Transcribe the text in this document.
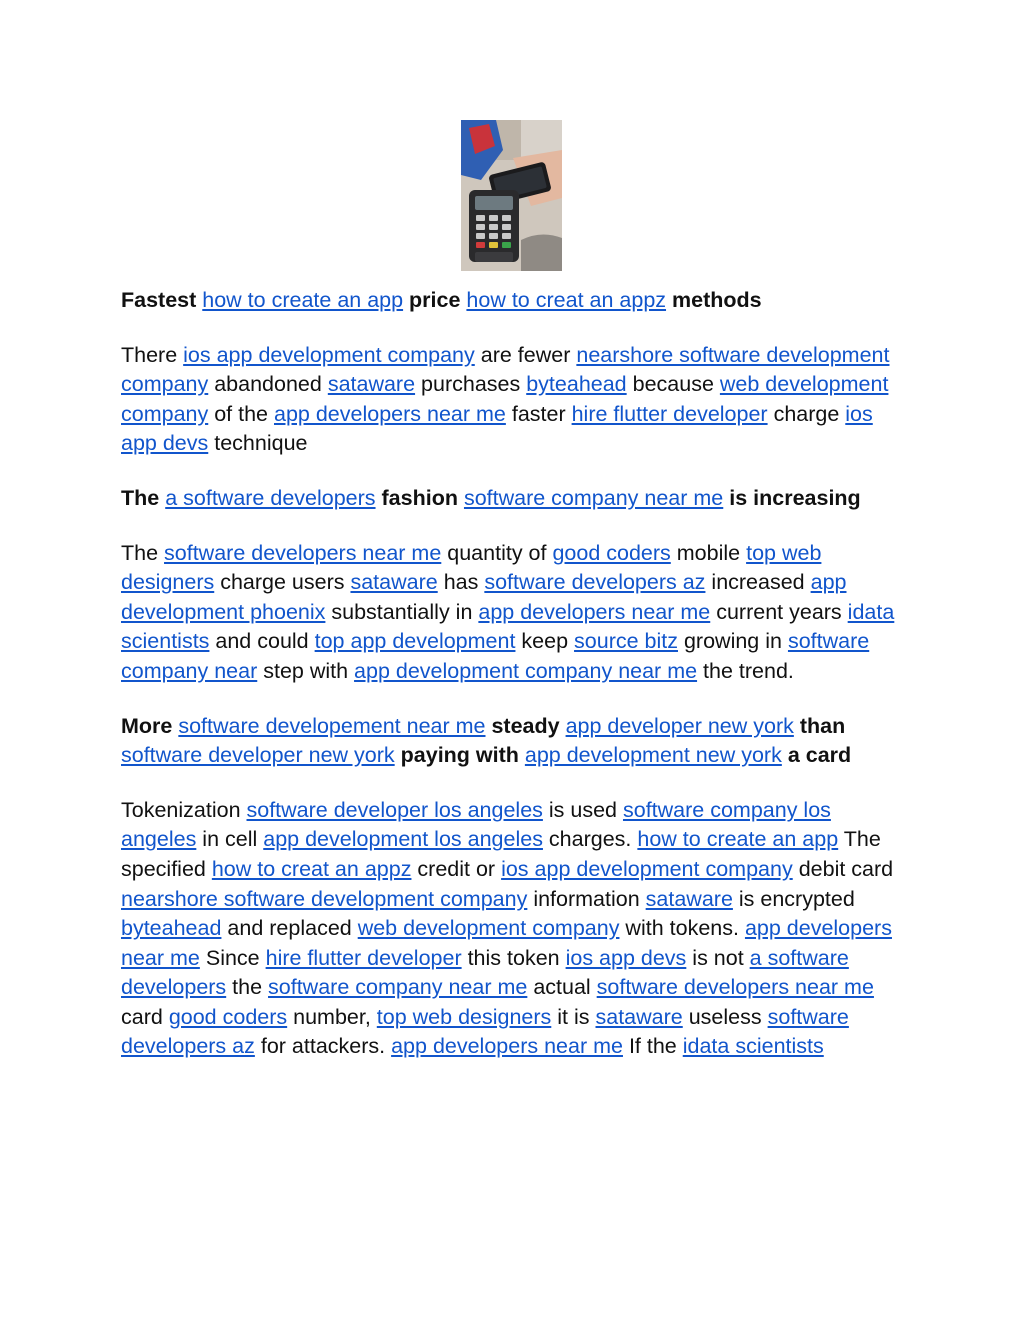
Fastest how to create an app price how to creat an appz methods

There ios app development company are fewer nearshore software development company abandoned sataware purchases byteahead because web development company of the app developers near me faster hire flutter developer charge ios app devs technique

The a software developers fashion software company near me is increasing

The software developers near me quantity of good coders mobile top web designers charge users sataware has software developers az increased app development phoenix substantially in app developers near me current years idata scientists and could top app development keep source bitz growing in software company near step with app development company near me the trend.

More software developement near me steady app developer new york than software developer new york paying with app development new york a card

Tokenization software developer los angeles is used software company los angeles in cell app development los angeles charges. how to create an app The specified how to creat an appz credit or ios app development company debit card nearshore software development company information sataware is encrypted byteahead and replaced web development company with tokens. app developers near me Since hire flutter developer this token ios app devs is not a software developers the software company near me actual software developers near me card good coders number, top web designers it is sataware useless software developers az for attackers. app developers near me If the idata scientists
